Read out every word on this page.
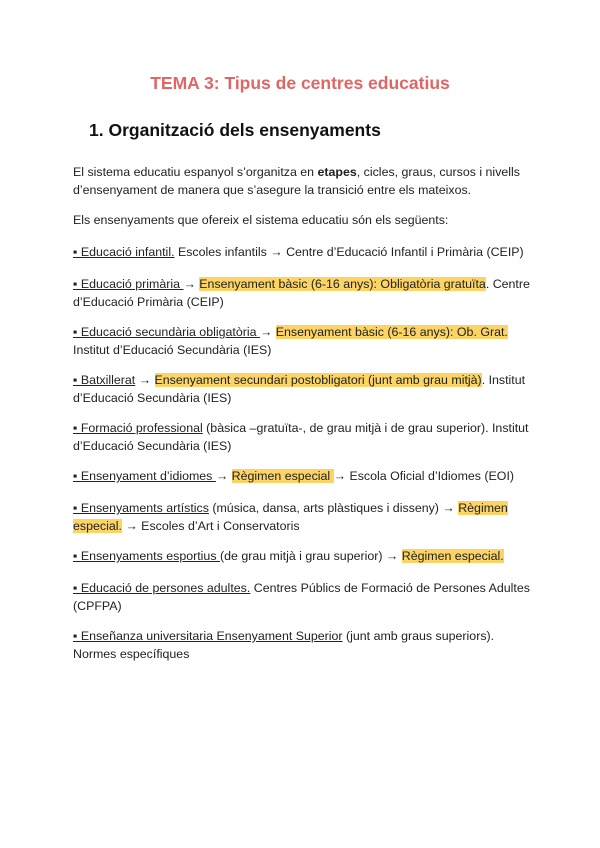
TEMA 3: Tipus de centres educatius
1. Organització dels ensenyaments

El sistema educatiu espanyol s’organitza en etapes, cicles, graus, cursos i nivells d’ensenyament de manera que s’asegure la transició entre els mateixos.

Els ensenyaments que ofereix el sistema educatiu són els següents:

▪ Educació infantil. Escoles infantils → Centre d’Educació Infantil i Primària (CEIP)

▪ Educació primària → Ensenyament bàsic (6-16 anys): Obligatòria gratuïta. Centre d’Educació Primària (CEIP)

▪ Educació secundària obligatòria → Ensenyament bàsic (6-16 anys): Ob. Grat. Institut d’Educació Secundària (IES)

▪ Batxillerat → Ensenyament secundari postobligatori (junt amb grau mitjà). Institut d’Educació Secundària (IES)

▪ Formació professional (bàsica –gratuïta-, de grau mitjà i de grau superior). Institut d’Educació Secundària (IES)

▪ Ensenyament d’idiomes → Règimen especial → Escola Oficial d’Idiomes (EOI)

▪ Ensenyaments artístics (música, dansa, arts plàstiques i disseny) → Règimen especial. → Escoles d’Art i Conservatoris

▪ Ensenyaments esportius (de grau mitjà i grau superior) → Règimen especial.

▪ Educació de persones adultes. Centres Públics de Formació de Persones Adultes (CPFPA)

▪ Enseñanza universitaria Ensenyament Superior (junt amb graus superiors). Normes específiques
